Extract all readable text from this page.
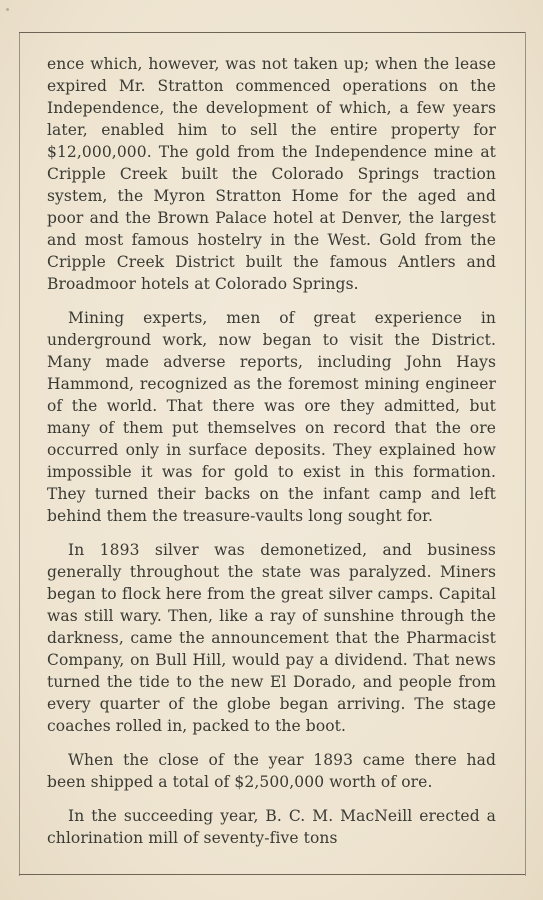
ence which, however, was not taken up; when the lease expired Mr. Stratton commenced operations on the Independence, the development of which, a few years later, enabled him to sell the entire property for $12,000,000. The gold from the Independence mine at Cripple Creek built the Colorado Springs traction system, the Myron Stratton Home for the aged and poor and the Brown Palace hotel at Denver, the largest and most famous hostelry in the West. Gold from the Cripple Creek District built the famous Antlers and Broadmoor hotels at Colorado Springs.

Mining experts, men of great experience in underground work, now began to visit the District. Many made adverse reports, including John Hays Hammond, recognized as the foremost mining engineer of the world. That there was ore they admitted, but many of them put themselves on record that the ore occurred only in surface deposits. They explained how impossible it was for gold to exist in this formation. They turned their backs on the infant camp and left behind them the treasure-vaults long sought for.

In 1893 silver was demonetized, and business generally throughout the state was paralyzed. Miners began to flock here from the great silver camps. Capital was still wary. Then, like a ray of sunshine through the darkness, came the announcement that the Pharmacist Company, on Bull Hill, would pay a dividend. That news turned the tide to the new El Dorado, and people from every quarter of the globe began arriving. The stage coaches rolled in, packed to the boot.

When the close of the year 1893 came there had been shipped a total of $2,500,000 worth of ore.

In the succeeding year, B. C. M. MacNeill erected a chlorination mill of seventy-five tons
